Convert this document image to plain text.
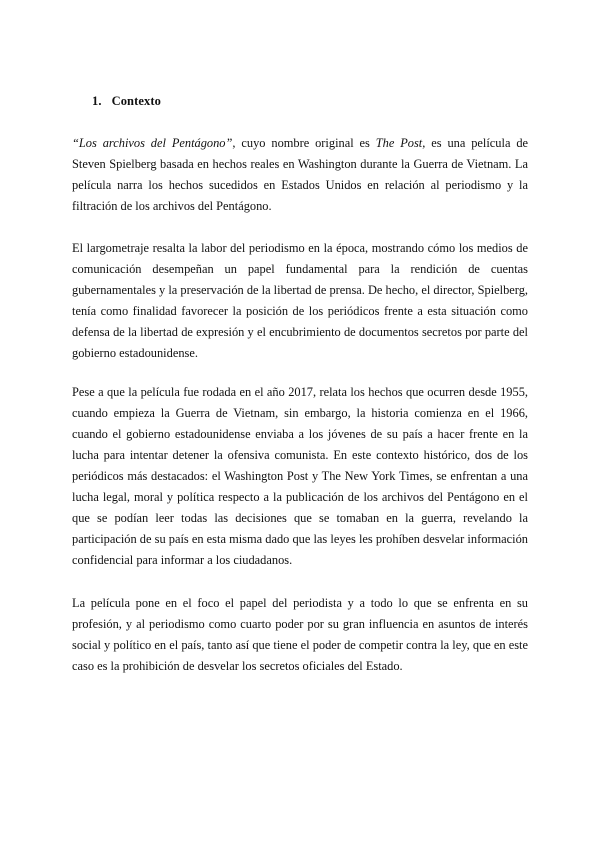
1. Contexto

“Los archivos del Pentágono”, cuyo nombre original es The Post, es una película de Steven Spielberg basada en hechos reales en Washington durante la Guerra de Vietnam. La película narra los hechos sucedidos en Estados Unidos en relación al periodismo y la filtración de los archivos del Pentágono.

El largometraje resalta la labor del periodismo en la época, mostrando cómo los medios de comunicación desempeñan un papel fundamental para la rendición de cuentas gubernamentales y la preservación de la libertad de prensa. De hecho, el director, Spielberg, tenía como finalidad favorecer la posición de los periódicos frente a esta situación como defensa de la libertad de expresión y el encubrimiento de documentos secretos por parte del gobierno estadounidense.

Pese a que la película fue rodada en el año 2017, relata los hechos que ocurren desde 1955, cuando empieza la Guerra de Vietnam, sin embargo, la historia comienza en el 1966, cuando el gobierno estadounidense enviaba a los jóvenes de su país a hacer frente en la lucha para intentar detener la ofensiva comunista. En este contexto histórico, dos de los periódicos más destacados: el Washington Post y The New York Times, se enfrentan a una lucha legal, moral y política respecto a la publicación de los archivos del Pentágono en el que se podían leer todas las decisiones que se tomaban en la guerra, revelando la participación de su país en esta misma dado que las leyes les prohíben desvelar información confidencial para informar a los ciudadanos.

La película pone en el foco el papel del periodista y a todo lo que se enfrenta en su profesión, y al periodismo como cuarto poder por su gran influencia en asuntos de interés social y político en el país, tanto así que tiene el poder de competir contra la ley, que en este caso es la prohibición de desvelar los secretos oficiales del Estado.
